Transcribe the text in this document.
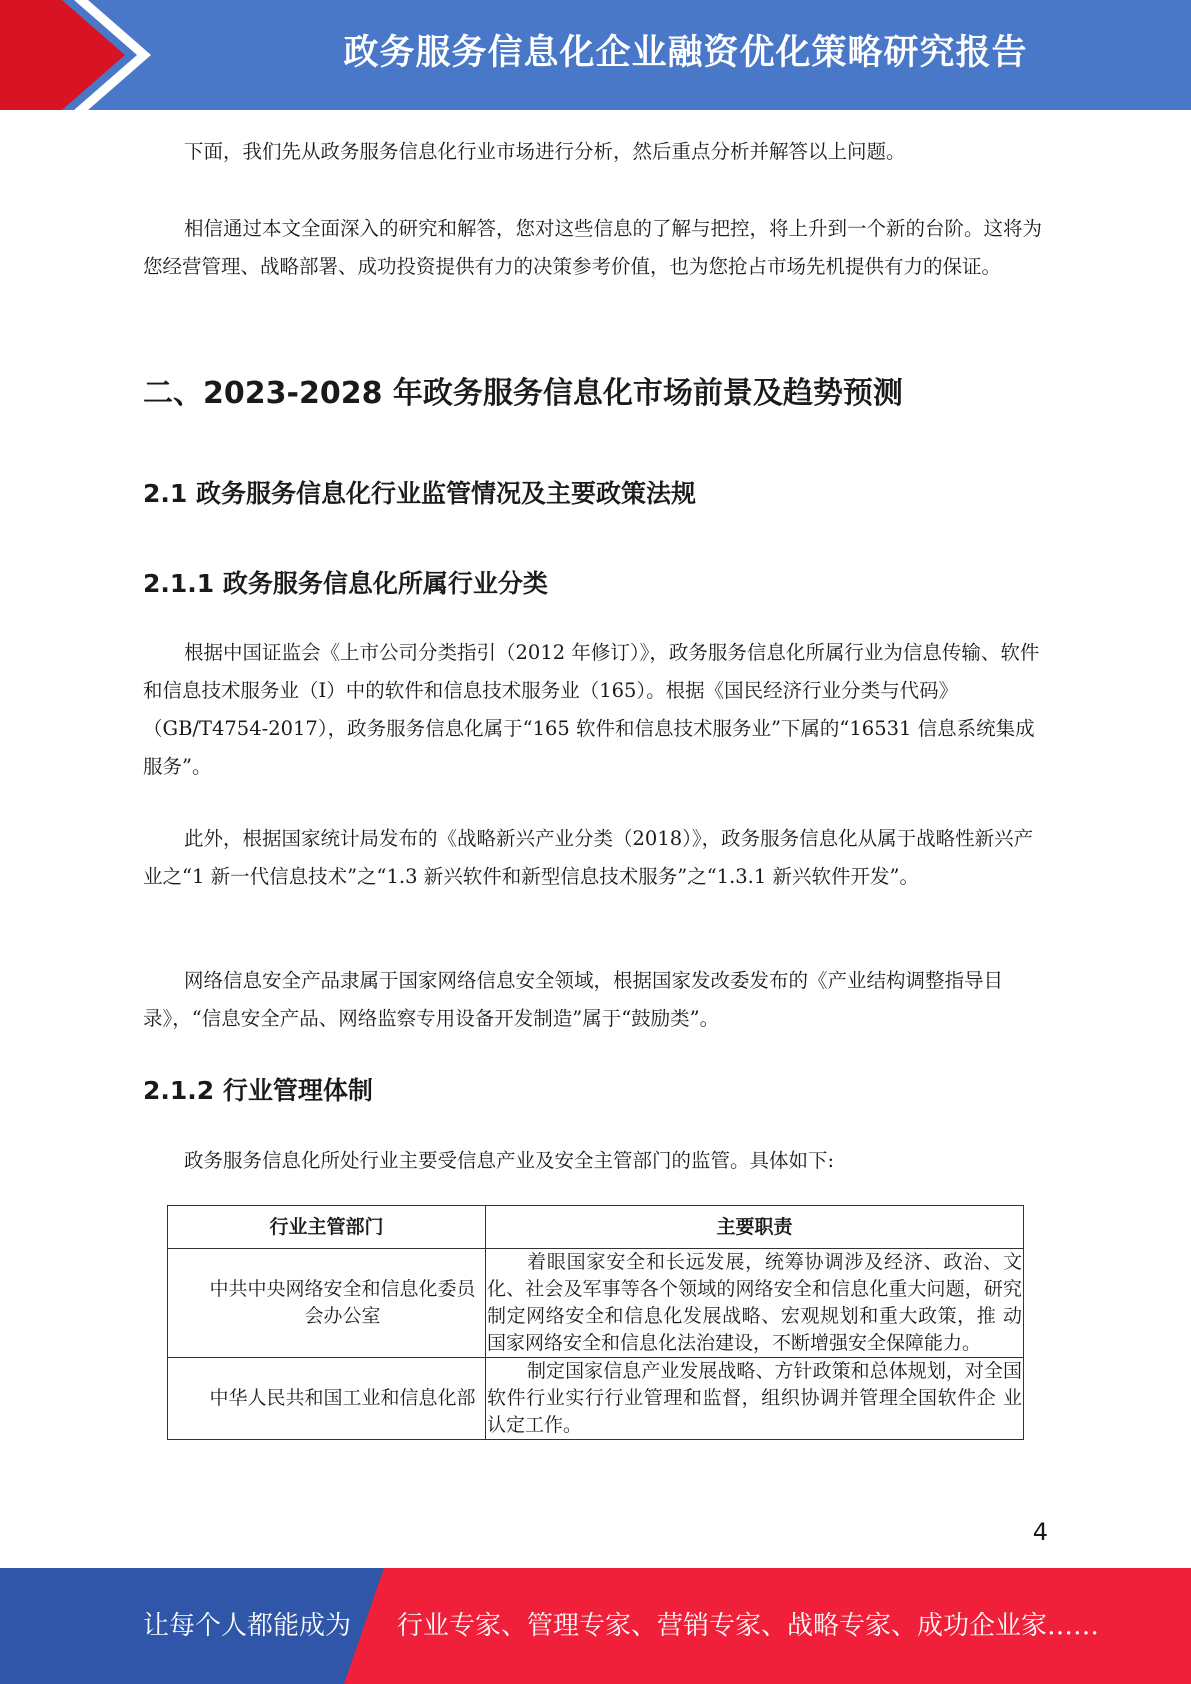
政务服务信息化企业融资优化策略研究报告

下面，我们先从政务服务信息化行业市场进行分析，然后重点分析并解答以上问题。

相信通过本文全面深入的研究和解答，您对这些信息的了解与把控，将上升到一个新的台阶。这将为您经营管理、战略部署、成功投资提供有力的决策参考价值，也为您抢占市场先机提供有力的保证。

二、2023-2028 年政务服务信息化市场前景及趋势预测
2.1 政务服务信息化行业监管情况及主要政策法规
2.1.1 政务服务信息化所属行业分类

根据中国证监会《上市公司分类指引（2012 年修订）》，政务服务信息化所属行业为信息传输、软件和信息技术服务业（I）中的软件和信息技术服务业（165）。根据《国民经济行业分类与代码》（GB/T4754-2017），政务服务信息化属于“165 软件和信息技术服务业”下属的“16531 信息系统集成服务”。

此外，根据国家统计局发布的《战略新兴产业分类（2018）》，政务服务信息化从属于战略性新兴产业之“1 新一代信息技术”之“1.3 新兴软件和新型信息技术服务”之“1.3.1 新兴软件开发”。

网络信息安全产品隶属于国家网络信息安全领域，根据国家发改委发布的《产业结构调整指导目录》，“信息安全产品、网络监察专用设备开发制造”属于“鼓励类”。

2.1.2 行业管理体制

政务服务信息化所处行业主要受信息产业及安全主管部门的监管。具体如下:

行业主管部门	主要职责
中共中央网络安全和信息化委员会办公室	着眼国家安全和长远发展，统筹协调涉及经济、政治、文化、社会及军事等各个领域的网络安全和信息化重大问题，研究 制定网络安全和信息化发展战略、宏观规划和重大政策，推 动国家网络安全和信息化法治建设，不断增强安全保障能力。
中华人民共和国工业和信息化部	制定国家信息产业发展战略、方针政策和总体规划，对全国软件行业实行行业管理和监督，组织协调并管理全国软件企 业认定工作。
4
让每个人都能成为 行业专家、管理专家、营销专家、战略专家、成功企业家……
